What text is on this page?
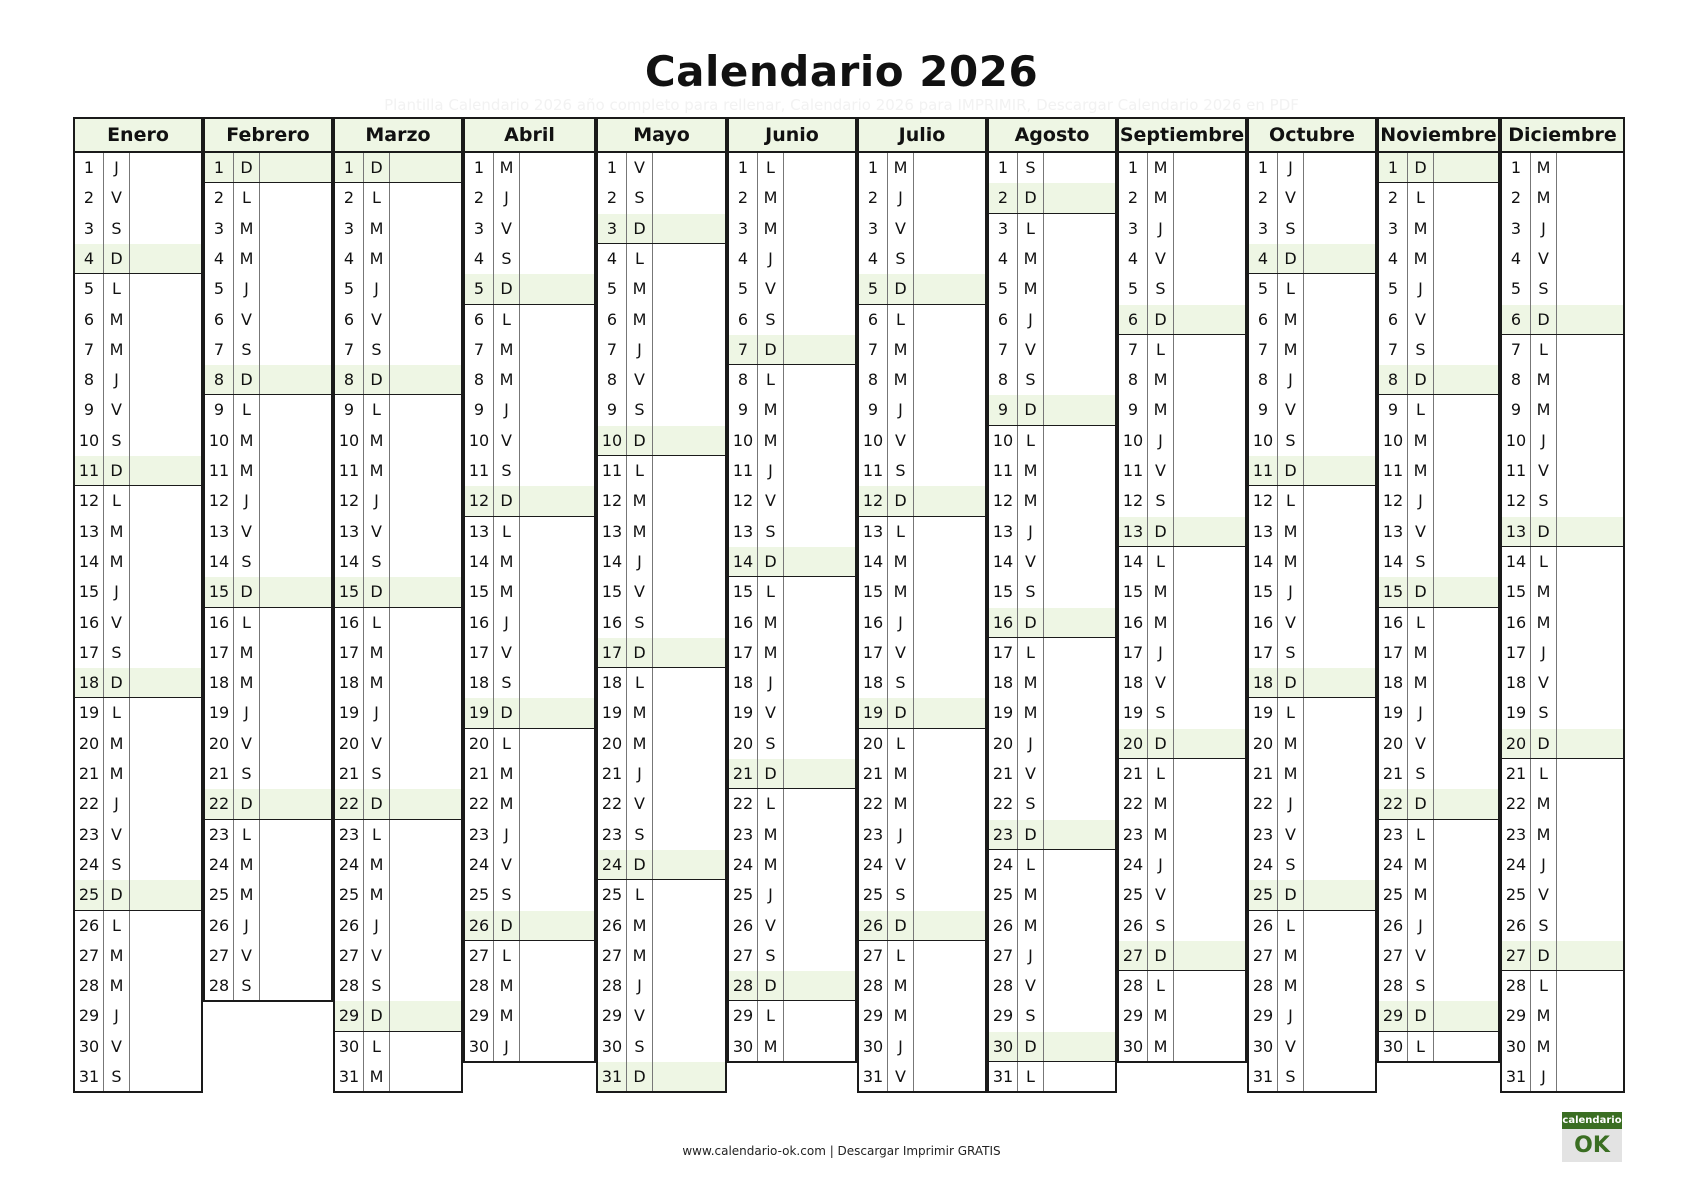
Calendario 2026
Plantilla Calendario 2026 año completo para rellenar, Calendario 2026 para IMPRIMIR, Descargar Calendario 2026 en PDF
Enero
1	J
2	V
3	S
4	D
5	L
6 M
7 M
8	J
9	V
10 S
11 D
12 L
13 M
14 M
15 J
16 V
17 S
18 D
19 L
20 M
21 M
22 J
23 V
24 S
25 D
26 L
27 M
28 M
29 J
30 V
31 S
Febrero
1	D
2	L
3 M
4 M
5	J
6	V
7	S
8	D
9	L
10 M
11 M
12 J
13 V
14 S
15 D
16 L
17 M
18 M
19 J
20 V
21 S
22 D
23 L
24 M
25 M
26 J
27 V
28 S
Marzo
1	D
2	L
3 M
4 M
5	J
6	V
7	S
8	D
9	L
10 M
11 M
12 J
13 V
14 S
15 D
16 L
17 M
18 M
19 J
20 V
21 S
22 D
23 L
24 M
25 M
26 J
27 V
28 S
29 D
30 L
31 M
Abril
1 M
2	J
3	V
4	S
5	D
6	L
7 M
8 M
9	J
10 V
11 S
12 D
13 L
14 M
15 M
16 J
17 V
18 S
19 D
20 L
21 M
22 M
23 J
24 V
25 S
26 D
27 L
28 M
29 M
30 J
Mayo
1	V
2	S
3	D
4	L
5 M
6 M
7	J
8	V
9	S
10 D
11 L
12 M
13 M
14 J
15 V
16 S
17 D
18 L
19 M
20 M
21 J
22 V
23 S
24 D
25 L
26 M
27 M
28 J
29 V
30 S
31 D
Junio
1	L
2 M
3 M
4	J
5	V
6	S
7	D
8	L
9 M
10 M
11 J
12 V
13 S
14 D
15 L
16 M
17 M
18 J
19 V
20 S
21 D
22 L
23 M
24 M
25 J
26 V
27 S
28 D
29 L
30 M
Julio
1 M
2	J
3	V
4	S
5	D
6	L
7 M
8 M
9	J
10 V
11 S
12 D
13 L
14 M
15 M
16 J
17 V
18 S
19 D
20 L
21 M
22 M
23 J
24 V
25 S
26 D
27 L
28 M
29 M
30 J
31 V
Agosto
1	S
2	D
3	L
4 M
5 M
6	J
7	V
8	S
9	D
10 L
11 M
12 M
13 J
14 V
15 S
16 D
17 L
18 M
19 M
20 J
21 V
22 S
23 D
24 L
25 M
26 M
27 J
28 V
29 S
30 D
31 L
Septiembre
1 M
2 M
3	J
4	V
5	S
6	D
7	L
8 M
9 M
10 J
11 V
12 S
13 D
14 L
15 M
16 M
17 J
18 V
19 S
20 D
21 L
22 M
23 M
24 J
25 V
26 S
27 D
28 L
29 M
30 M
Octubre
1	J
2	V
3	S
4	D
5	L
6 M
7 M
8	J
9	V
10 S
11 D
12 L
13 M
14 M
15 J
16 V
17 S
18 D
19 L
20 M
21 M
22 J
23 V
24 S
25 D
26 L
27 M
28 M
29 J
30 V
31 S
Noviembre
1	D
2	L
3 M
4 M
5	J
6	V
7	S
8	D
9	L
10 M
11 M
12 J
13 V
14 S
15 D
16 L
17 M
18 M
19 J
20 V
21 S
22 D
23 L
24 M
25 M
26 J
27 V
28 S
29 D
30 L
Diciembre
1 M
2 M
3	J
4	V
5	S
6	D
7	L
8 M
9 M
10 J
11 V
12 S
13 D
14 L
15 M
16 M
17 J
18 V
19 S
20 D
21 L
22 M
23 M
24 J
25 V
26 S
27 D
28 L
29 M
30 M
31 J
www.calendario-ok.com | Descargar Imprimir GRATIS
calendario
OK
